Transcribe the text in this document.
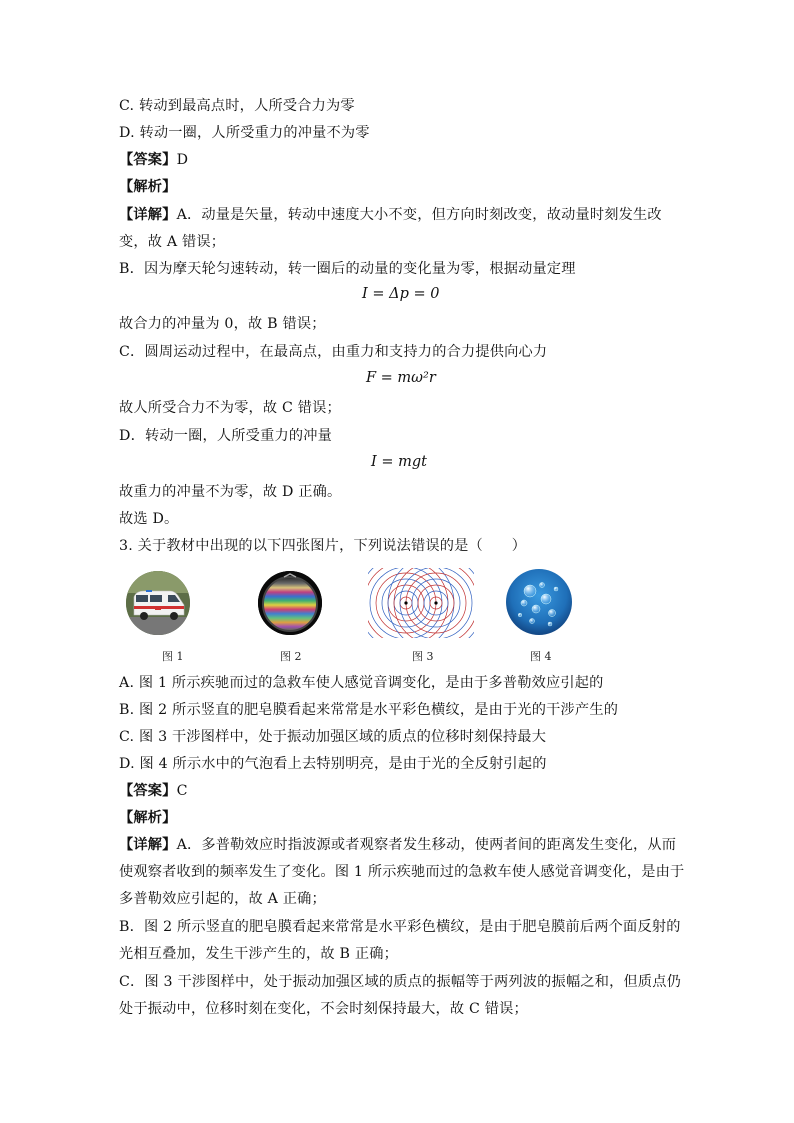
C. 转动到最高点时，人所受合力为零
D. 转动一圈，人所受重力的冲量不为零
【答案】D
【解析】
【详解】A．动量是矢量，转动中速度大小不变，但方向时刻改变，故动量时刻发生改
变，故 A 错误；
B．因为摩天轮匀速转动，转一圈后的动量的变化量为零，根据动量定理
I = Δp = 0
故合力的冲量为 0，故 B 错误；
C．圆周运动过程中，在最高点，由重力和支持力的合力提供向心力
F = mω²r
故人所受合力不为零，故 C 错误；
D．转动一圈，人所受重力的冲量
I = mgt
故重力的冲量不为零，故 D 正确。
故选 D。
3. 关于教材中出现的以下四张图片，下列说法错误的是（　　）
图 1	图 2	图 3	图 4
A. 图 1 所示疾驰而过的急救车使人感觉音调变化，是由于多普勒效应引起的
B. 图 2 所示竖直的肥皂膜看起来常常是水平彩色横纹，是由于光的干涉产生的
C. 图 3 干涉图样中，处于振动加强区域的质点的位移时刻保持最大
D. 图 4 所示水中的气泡看上去特别明亮，是由于光的全反射引起的
【答案】C
【解析】
【详解】A．多普勒效应时指波源或者观察者发生移动，使两者间的距离发生变化，从而
使观察者收到的频率发生了变化。图 1 所示疾驰而过的急救车使人感觉音调变化，是由于
多普勒效应引起的，故 A 正确；
B．图 2 所示竖直的肥皂膜看起来常常是水平彩色横纹，是由于肥皂膜前后两个面反射的
光相互叠加，发生干涉产生的，故 B 正确；
C．图 3 干涉图样中，处于振动加强区域的质点的振幅等于两列波的振幅之和，但质点仍
处于振动中，位移时刻在变化，不会时刻保持最大，故 C 错误；
